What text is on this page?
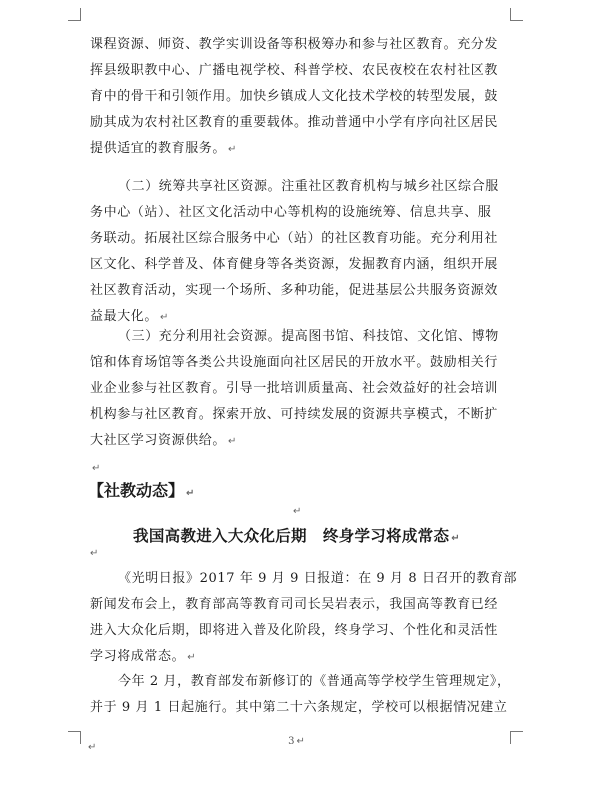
课程资源、师资、教学实训设备等积极筹办和参与社区教育。充分发
挥县级职教中心、广播电视学校、科普学校、农民夜校在农村社区教
育中的骨干和引领作用。加快乡镇成人文化技术学校的转型发展，鼓
励其成为农村社区教育的重要载体。推动普通中小学有序向社区居民
提供适宜的教育服务。 ↵
（二）统筹共享社区资源。注重社区教育机构与城乡社区综合服
务中心（站）、社区文化活动中心等机构的设施统筹、信息共享、服
务联动。拓展社区综合服务中心（站）的社区教育功能。充分利用社
区文化、科学普及、体育健身等各类资源，发掘教育内涵，组织开展
社区教育活动，实现一个场所、多种功能，促进基层公共服务资源效
益最大化。 ↵
（三）充分利用社会资源。提高图书馆、科技馆、文化馆、博物
馆和体育场馆等各类公共设施面向社区居民的开放水平。鼓励相关行
业企业参与社区教育。引导一批培训质量高、社会效益好的社会培训
机构参与社区教育。探索开放、可持续发展的资源共享模式，不断扩
大社区学习资源供给。 ↵
↵
【社教动态】 ↵
↵
我国高教进入大众化后期 终身学习将成常态 ↵
↵
《光明日报》2017 年 9 月 9 日报道：在 9 月 8 日召开的教育部
新闻发布会上，教育部高等教育司司长吴岩表示，我国高等教育已经
进入大众化后期，即将进入普及化阶段，终身学习、个性化和灵活性
学习将成常态。 ↵
今年 2 月，教育部发布新修订的《普通高等学校学生管理规定》，
并于 9 月 1 日起施行。其中第二十六条规定，学校可以根据情况建立
3 ↵
↵
